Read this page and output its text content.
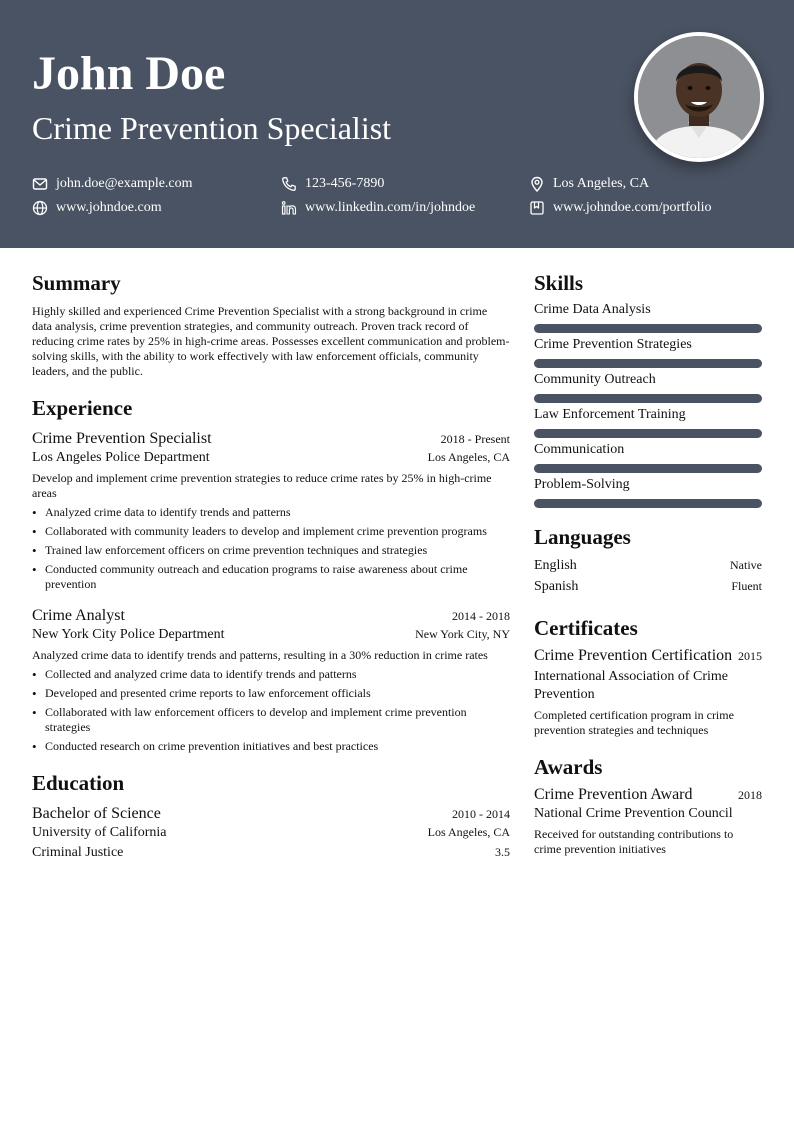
John Doe
Crime Prevention Specialist
john.doe@example.com	123-456-7890	Los Angeles, CA
www.johndoe.com	www.linkedin.com/in/johndoe	www.johndoe.com/portfolio
Summary

Highly skilled and experienced Crime Prevention Specialist with a strong background in crime data analysis, crime prevention strategies, and community outreach. Proven track record of reducing crime rates by 25% in high-crime areas. Possesses excellent communication and problem-solving skills, with the ability to work effectively with law enforcement officials, community leaders, and the public.

Experience
Crime Prevention Specialist	2018 - Present
Los Angeles Police Department	Los Angeles, CA
Develop and implement crime prevention strategies to reduce crime rates by 25% in high-crime areas
• Analyzed crime data to identify trends and patterns
• Collaborated with community leaders to develop and implement crime prevention programs
• Trained law enforcement officers on crime prevention techniques and strategies
• Conducted community outreach and education programs to raise awareness about crime prevention
Crime Analyst	2014 - 2018
New York City Police Department	New York City, NY
Analyzed crime data to identify trends and patterns, resulting in a 30% reduction in crime rates
• Collected and analyzed crime data to identify trends and patterns
• Developed and presented crime reports to law enforcement officials
• Collaborated with law enforcement officers to develop and implement crime prevention strategies
• Conducted research on crime prevention initiatives and best practices
Education
Bachelor of Science	2010 - 2014
University of California	Los Angeles, CA
Criminal Justice	3.5
Skills
Crime Data Analysis
Crime Prevention Strategies
Community Outreach
Law Enforcement Training
Communication
Problem-Solving
Languages
English	Native
Spanish	Fluent
Certificates
Crime Prevention Certification 2015
International Association of Crime Prevention
Completed certification program in crime prevention strategies and techniques
Awards
Crime Prevention Award	2018
National Crime Prevention Council
Received for outstanding contributions to crime prevention initiatives
